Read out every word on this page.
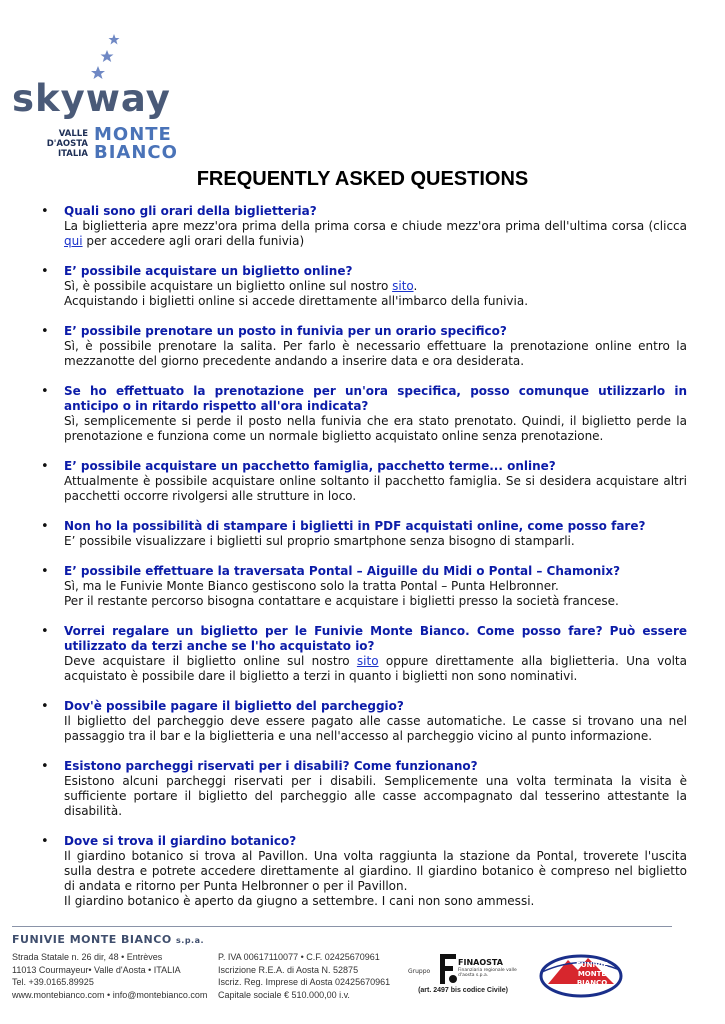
skyway
VALLE
D'AOSTA
ITALIA
MONTE
BIANCO
FREQUENTLY ASKED QUESTIONS
• Quali sono gli orari della biglietteria?

La biglietteria apre mezz'ora prima della prima corsa e chiude mezz'ora prima dell'ultima corsa (clicca qui per accedere agli orari della funivia)

• E’ possibile acquistare un biglietto online?

Sì, è possibile acquistare un biglietto online sul nostro sito.

Acquistando i biglietti online si accede direttamente all'imbarco della funivia.

• E’ possibile prenotare un posto in funivia per un orario specifico?

Sì, è possibile prenotare la salita. Per farlo è necessario effettuare la prenotazione online entro la mezzanotte del giorno precedente andando a inserire data e ora desiderata.

• Se ho effettuato la prenotazione per un'ora specifica, posso comunque utilizzarlo in anticipo o in ritardo rispetto all'ora indicata?

Sì, semplicemente si perde il posto nella funivia che era stato prenotato. Quindi, il biglietto perde la prenotazione e funziona come un normale biglietto acquistato online senza prenotazione.

• E’ possibile acquistare un pacchetto famiglia, pacchetto terme... online?

Attualmente è possibile acquistare online soltanto il pacchetto famiglia. Se si desidera acquistare altri pacchetti occorre rivolgersi alle strutture in loco.

• Non ho la possibilità di stampare i biglietti in PDF acquistati online, come posso fare?

E’ possibile visualizzare i biglietti sul proprio smartphone senza bisogno di stamparli.

• E’ possibile effettuare la traversata Pontal – Aiguille du Midi o Pontal – Chamonix?

Sì, ma le Funivie Monte Bianco gestiscono solo la tratta Pontal – Punta Helbronner.

Per il restante percorso bisogna contattare e acquistare i biglietti presso la società francese.

• Vorrei regalare un biglietto per le Funivie Monte Bianco. Come posso fare? Può essere utilizzato da terzi anche se l'ho acquistato io?

Deve acquistare il biglietto online sul nostro sito oppure direttamente alla biglietteria. Una volta acquistato è possibile dare il biglietto a terzi in quanto i biglietti non sono nominativi.

• Dov'è possibile pagare il biglietto del parcheggio?

Il biglietto del parcheggio deve essere pagato alle casse automatiche. Le casse si trovano una nel passaggio tra il bar e la biglietteria e una nell'accesso al parcheggio vicino al punto informazione.

• Esistono parcheggi riservati per i disabili? Come funzionano?

Esistono alcuni parcheggi riservati per i disabili. Semplicemente una volta terminata la visita è sufficiente portare il biglietto del parcheggio alle casse accompagnato dal tesserino attestante la disabilità.

• Dove si trova il giardino botanico?

Il giardino botanico si trova al Pavillon. Una volta raggiunta la stazione da Pontal, troverete l'uscita sulla destra e potrete accedere direttamente al giardino. Il giardino botanico è compreso nel biglietto di andata e ritorno per Punta Helbronner o per il Pavillon.

Il giardino botanico è aperto da giugno a settembre. I cani non sono ammessi.

FUNIVIE MONTE BIANCO s.p.a.
Strada Statale n. 26 dir, 48 • Entrèves
11013 Courmayeur• Valle d'Aosta • ITALIA
Tel. +39.0165.89925
www.montebianco.com • info@montebianco.com
P. IVA 00617110077 • C.F. 02425670961
Iscrizione R.E.A. di Aosta N. 52875
Iscriz. Reg. Imprese di Aosta 02425670961
Capitale sociale € 510.000,00 i.v.
Gruppo
FINAOSTA
Finanziaria regionale valle d'aosta s.p.a.
(art. 2497 bis codice Civile)
FUNIVIE
MONTE
BIANCO
